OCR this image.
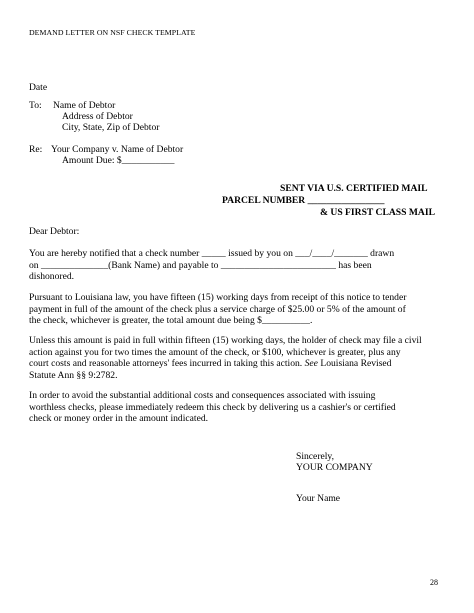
DEMAND LETTER ON NSF CHECK TEMPLATE

Date

To: Name of Debtor

Address of Debtor

City, State, Zip of Debtor

Re: Your Company v. Name of Debtor

Amount Due: $___________

SENT VIA U.S. CERTIFIED MAIL

PARCEL NUMBER ________________

& US FIRST CLASS MAIL

Dear Debtor:

You are hereby notified that a check number _____ issued by you on ___/____/_______ drawn
on ______________(Bank Name) and payable to ________________________ has been
dishonored.
Pursuant to Louisiana law, you have fifteen (15) working days from receipt of this notice to tender
payment in full of the amount of the check plus a service charge of $25.00 or 5% of the amount of
the check, whichever is greater, the total amount due being $__________.
Unless this amount is paid in full within fifteen (15) working days, the holder of check may file a civil
action against you for two times the amount of the check, or $100, whichever is greater, plus any
court costs and reasonable attorneys' fees incurred in taking this action. See Louisiana Revised
Statute Ann §§ 9:2782.
In order to avoid the substantial additional costs and consequences associated with issuing
worthless checks, please immediately redeem this check by delivering us a cashier's or certified
check or money order in the amount indicated.

Sincerely,

YOUR COMPANY

Your Name

28
